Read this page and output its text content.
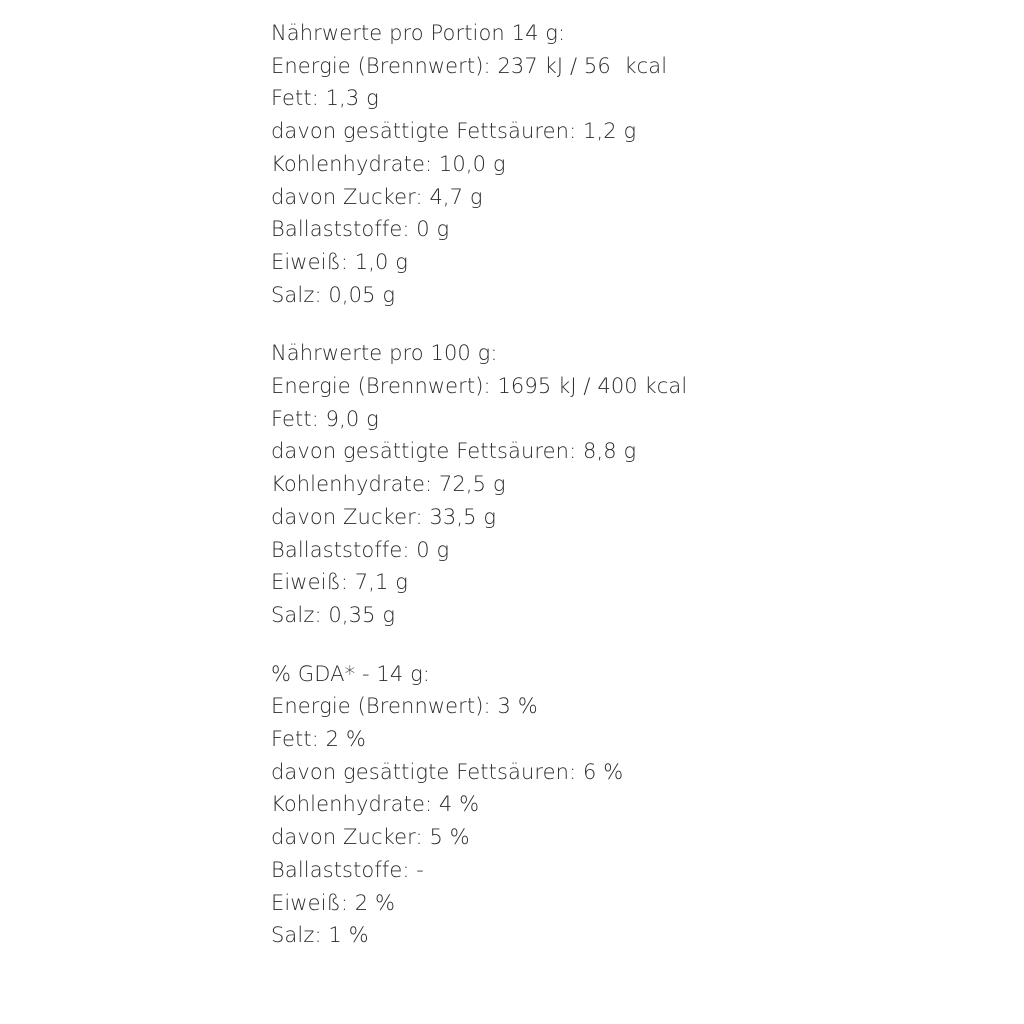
Nährwerte pro Portion 14 g:
Energie (Brennwert): 237 kJ / 56  kcal
Fett: 1,3 g
davon gesättigte Fettsäuren: 1,2 g
Kohlenhydrate: 10,0 g
davon Zucker: 4,7 g
Ballaststoffe: 0 g
Eiweiß: 1,0 g
Salz: 0,05 g
Nährwerte pro 100 g:
Energie (Brennwert): 1695 kJ / 400 kcal
Fett: 9,0 g
davon gesättigte Fettsäuren: 8,8 g
Kohlenhydrate: 72,5 g
davon Zucker: 33,5 g
Ballaststoffe: 0 g
Eiweiß: 7,1 g
Salz: 0,35 g
% GDA* - 14 g:
Energie (Brennwert): 3 %
Fett: 2 %
davon gesättigte Fettsäuren: 6 %
Kohlenhydrate: 4 %
davon Zucker: 5 %
Ballaststoffe: -
Eiweiß: 2 %
Salz: 1 %
